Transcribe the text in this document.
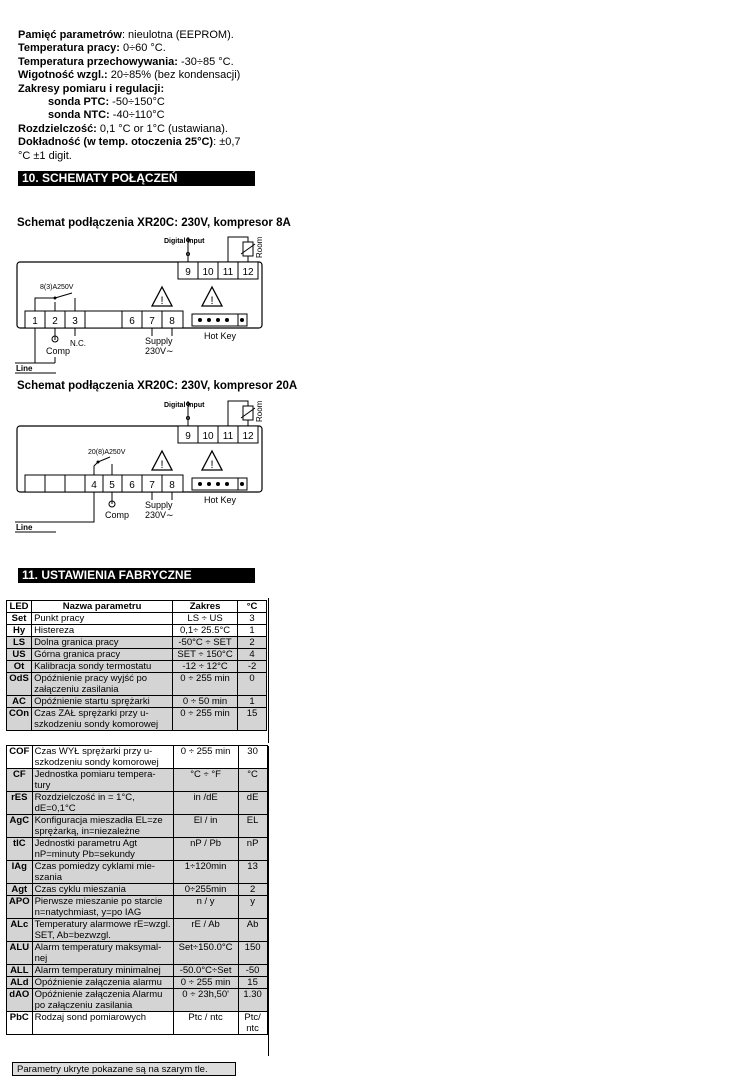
Pamięć parametrów: nieulotna (EEPROM).
Temperatura pracy: 0÷60 °C.
Temperatura przechowywania: -30÷85 °C.
Wigotność wzgl.: 20÷85% (bez kondensacji)
Zakresy pomiaru i regulacji:
sonda PTC: -50÷150°C
sonda NTC: -40÷110°C
Rozdzielczość: 0,1 °C or 1°C (ustawiana).
Dokładność (w temp. otoczenia 25°C): ±0,7
°C ±1 digit.
10. SCHEMATY POŁĄCZEŃ
Schemat podłączenia XR20C: 230V, kompresor 8A
9 10 11 12
Digital Input	Room
1 2 3	6 7 8
8(3)A250V
!	!
Hot Key
Comp
N.C.	Supply
230V∼
Line
Schemat podłączenia XR20C: 230V, kompresor 20A
9 10 11 12
Digital Input	Room
4 5 6 7 8
20(8)A250V
!	!
Hot Key
Comp
Supply
230V∼
Line
11. USTAWIENIA FABRYCZNE
LED	Nazwa parametru	Zakres	°C
Set	Punkt pracy	LS ÷ US	3
Hy	Histereza	0,1÷ 25.5°C	1
LS	Dolna granica pracy	-50°C ÷ SET	2
US	Górna granica pracy	SET ÷ 150°C	4
Ot	Kalibracja sondy termostatu	-12 ÷ 12°C	-2
OdS	Opóźnienie pracy wyjść po załączeniu zasilania	0 ÷ 255 min	0
AC	Opóźnienie startu sprężarki	0 ÷ 50 min	1
COn	Czas ZAŁ sprężarki przy u-szkodzeniu sondy komorowej	0 ÷ 255 min	15
COF	Czas WYŁ sprężarki przy u-szkodzeniu sondy komorowej	0 ÷ 255 min	30
CF	Jednostka pomiaru tempera-tury	°C ÷ °F	°C
rES	Rozdzielczość in = 1°C, dE=0,1°C	in /dE	dE
AgC	Konfiguracja mieszadła EL=ze sprężarką, in=niezależne	El / in	EL
tIC	Jednostki parametru Agt nP=minuty Pb=sekundy	nP / Pb	nP
IAg	Czas pomiedzy cyklami mie-szania	1÷120min	13
Agt	Czas cyklu mieszania	0÷255min	2
APO	Pierwsze mieszanie po starcie n=natychmiast, y=po IAG	n / y	y
ALc	Temperatury alarmowe rE=wzgl. SET, Ab=bezwzgl.	rE / Ab	Ab
ALU	Alarm temperatury maksymal-nej	Set÷150.0°C	150
ALL	Alarm temperatury minimalnej	-50.0°C÷Set	-50
ALd	Opóźnienie załączenia alarmu	0 ÷ 255 min	15
dAO	Opóźnienie załączenia Alarmu po załączeniu zasilania	0 ÷ 23h,50'	1.30
PbC	Rodzaj sond pomiarowych	Ptc / ntc	Ptc/ ntc
Parametry ukryte pokazane są na szarym tle.
